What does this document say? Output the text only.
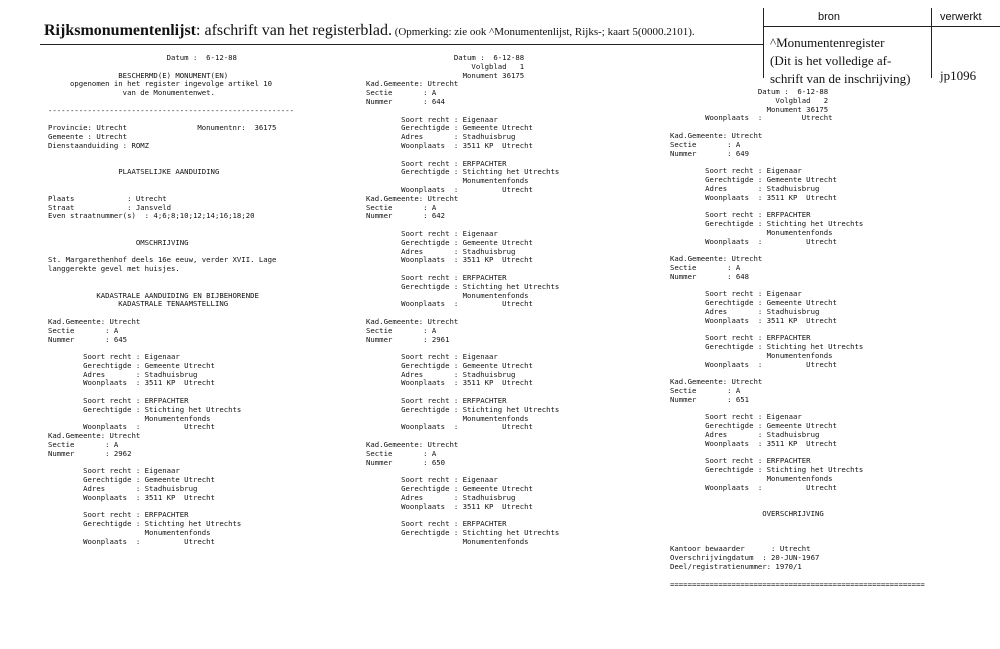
Rijksmonumentenlijst: afschrift van het registerblad. (Opmerking: zie ook ^Monumentenlijst, Rijks-; kaart 5(0000.2101).
bron	verwerkt
^Monumentenregister
(Dit is het volledige af-
schrift van de inschrijving) jp1096
Datum :  6-12-88
BESCHERMD(E) MONUMENT(EN)
opgenomen in het register ingevolge artikel 10
van de Monumentenwet.
--------------------------------------------------------
Provincie: Utrecht                Monumentnr:  36175
Gemeente : Utrecht
Dienstaanduiding : ROMZ
PLAATSELIJKE AANDUIDING
Plaats            : Utrecht
Straat            : Jansveld
Even straatnummer(s)  : 4;6;8;10;12;14;16;18;20
OMSCHRIJVING
St. Margarethenhof deels 16e eeuw, verder XVII. Lage
langgerekte gevel met huisjes.
KADASTRALE AANDUIDING EN BIJBEHORENDE
KADASTRALE TENAAMSTELLING
Kad.Gemeente: Utrecht
Sectie       : A
Nummer       : 645
Soort recht : Eigenaar
Gerechtigde : Gemeente Utrecht
Adres       : Stadhuisbrug
Woonplaats  : 3511 KP  Utrecht
Soort recht : ERFPACHTER
Gerechtigde : Stichting het Utrechts
Monumentenfonds
Woonplaats  :          Utrecht
Kad.Gemeente: Utrecht
Sectie       : A
Nummer       : 2962
Soort recht : Eigenaar
Gerechtigde : Gemeente Utrecht
Adres       : Stadhuisbrug
Woonplaats  : 3511 KP  Utrecht
Soort recht : ERFPACHTER
Gerechtigde : Stichting het Utrechts
Monumentenfonds
Woonplaats  :          Utrecht
Datum :  6-12-88
Volgblad   1
Monument 36175
Kad.Gemeente: Utrecht
Sectie       : A
Nummer       : 644
Soort recht : Eigenaar
Gerechtigde : Gemeente Utrecht
Adres       : Stadhuisbrug
Woonplaats  : 3511 KP  Utrecht
Soort recht : ERFPACHTER
Gerechtigde : Stichting het Utrechts
Monumentenfonds
Woonplaats  :          Utrecht
Kad.Gemeente: Utrecht
Sectie       : A
Nummer       : 642
Soort recht : Eigenaar
Gerechtigde : Gemeente Utrecht
Adres       : Stadhuisbrug
Woonplaats  : 3511 KP  Utrecht
Soort recht : ERFPACHTER
Gerechtigde : Stichting het Utrechts
Monumentenfonds
Woonplaats  :          Utrecht
Kad.Gemeente: Utrecht
Sectie       : A
Nummer       : 2961
Soort recht : Eigenaar
Gerechtigde : Gemeente Utrecht
Adres       : Stadhuisbrug
Woonplaats  : 3511 KP  Utrecht
Soort recht : ERFPACHTER
Gerechtigde : Stichting het Utrechts
Monumentenfonds
Woonplaats  :          Utrecht
Kad.Gemeente: Utrecht
Sectie       : A
Nummer       : 650
Soort recht : Eigenaar
Gerechtigde : Gemeente Utrecht
Adres       : Stadhuisbrug
Woonplaats  : 3511 KP  Utrecht
Soort recht : ERFPACHTER
Gerechtigde : Stichting het Utrechts
Monumentenfonds
Datum :  6-12-88
Volgblad   2
Monument 36175
Woonplaats  :         Utrecht
Kad.Gemeente: Utrecht
Sectie       : A
Nummer       : 649
Soort recht : Eigenaar
Gerechtigde : Gemeente Utrecht
Adres       : Stadhuisbrug
Woonplaats  : 3511 KP  Utrecht
Soort recht : ERFPACHTER
Gerechtigde : Stichting het Utrechts
Monumentenfonds
Woonplaats  :          Utrecht
Kad.Gemeente: Utrecht
Sectie       : A
Nummer       : 648
Soort recht : Eigenaar
Gerechtigde : Gemeente Utrecht
Adres       : Stadhuisbrug
Woonplaats  : 3511 KP  Utrecht
Soort recht : ERFPACHTER
Gerechtigde : Stichting het Utrechts
Monumentenfonds
Woonplaats  :          Utrecht
Kad.Gemeente: Utrecht
Sectie       : A
Nummer       : 651
Soort recht : Eigenaar
Gerechtigde : Gemeente Utrecht
Adres       : Stadhuisbrug
Woonplaats  : 3511 KP  Utrecht
Soort recht : ERFPACHTER
Gerechtigde : Stichting het Utrechts
Monumentenfonds
Woonplaats  :          Utrecht
OVERSCHRIJVING
Kantoor bewaarder      : Utrecht
Overschrijvingdatum  : 20-JUN-1967
Deel/registratienummer: 1970/1
==========================================================
